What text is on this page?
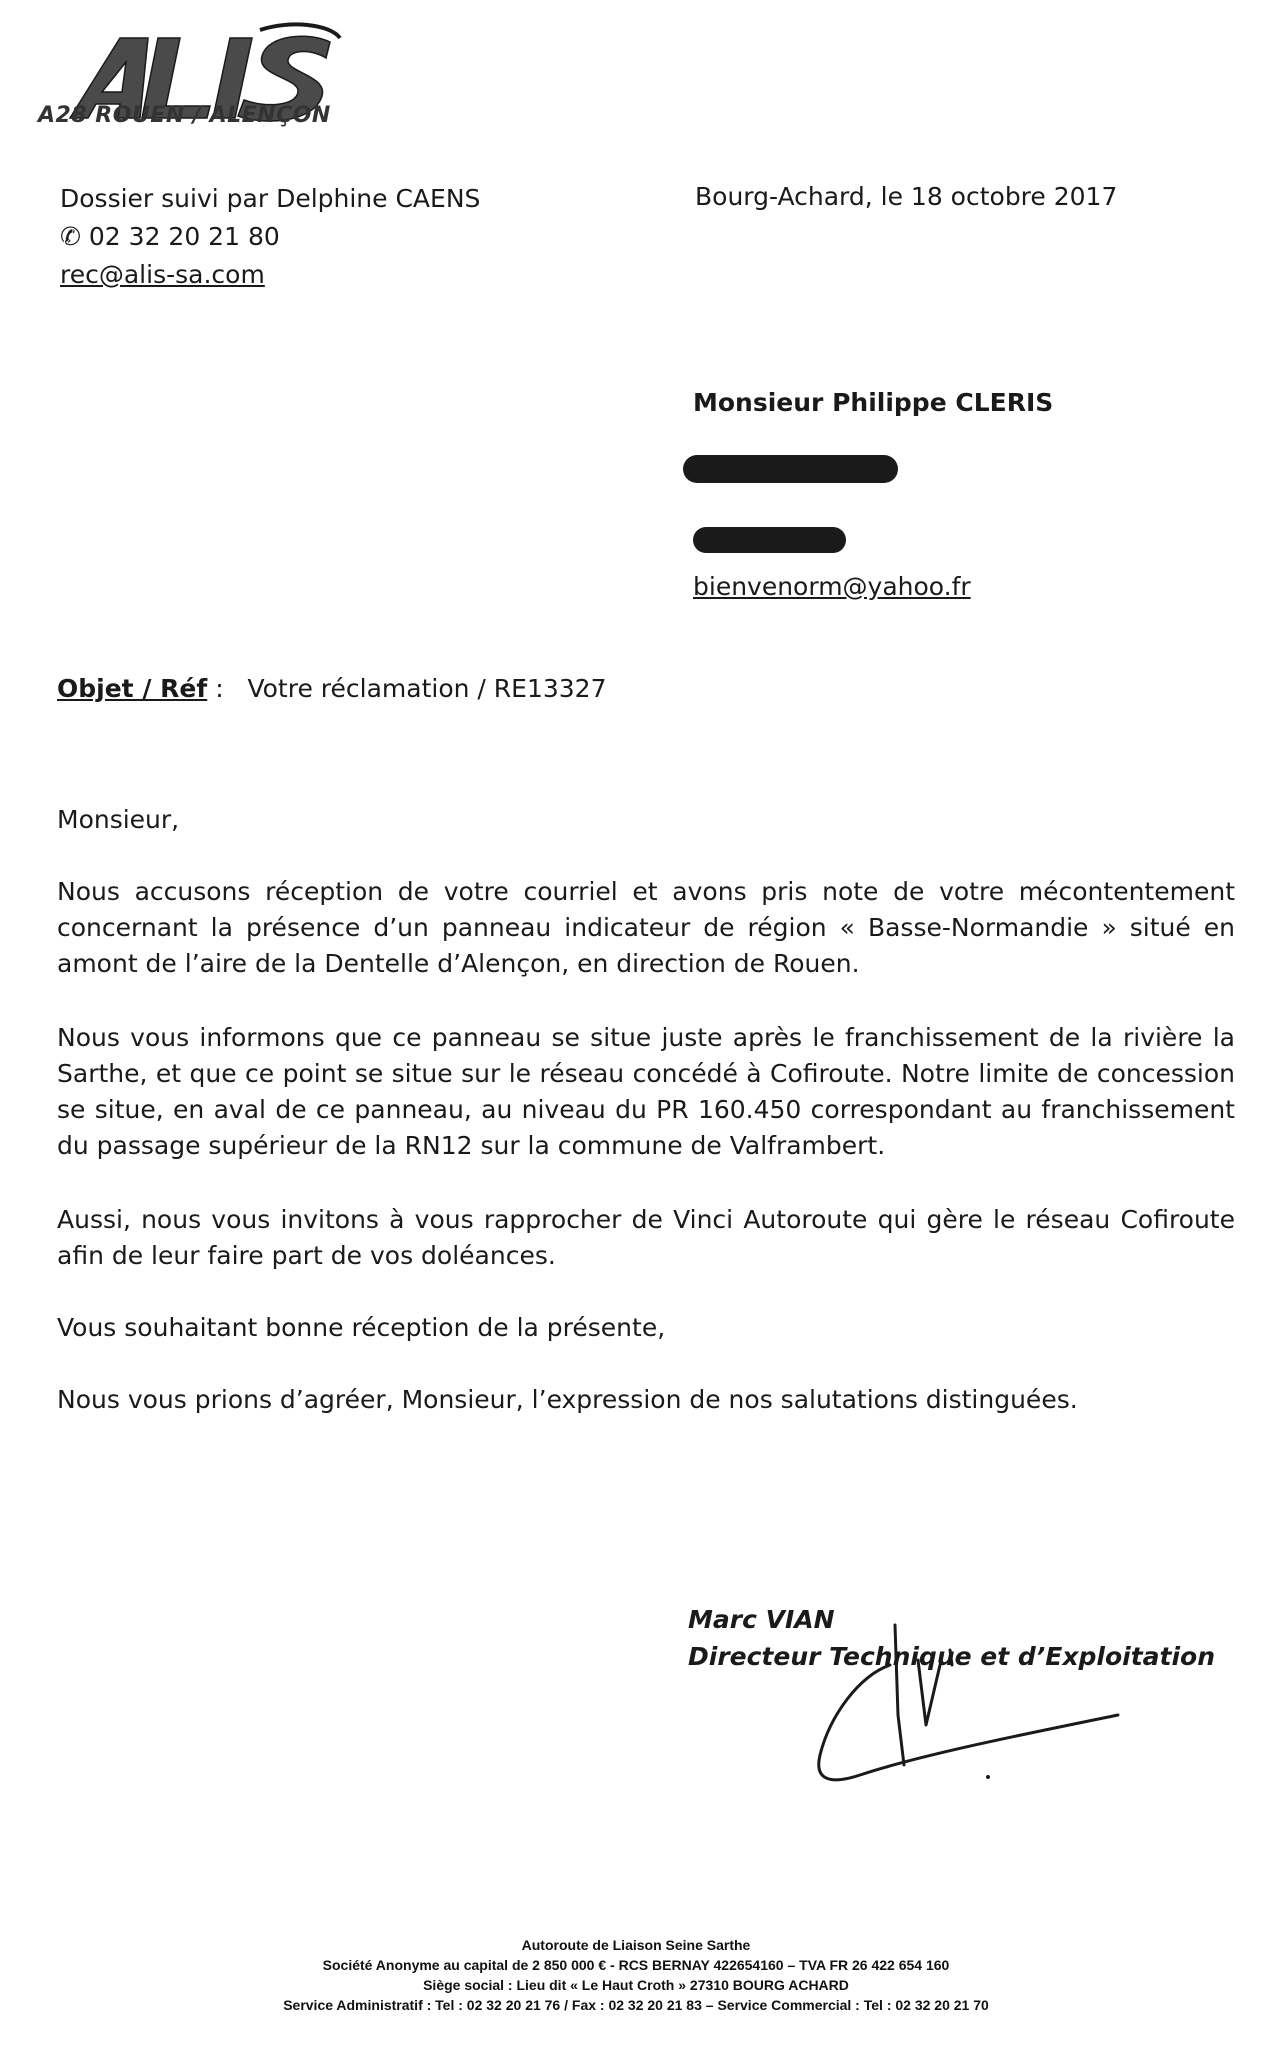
A28 ROUEN / ALENÇON
Dossier suivi par Delphine CAENS
✆ 02 32 20 21 80
rec@alis-sa.com
Bourg-Achard, le 18 octobre 2017
Monsieur Philippe CLERIS
bienvenorm@yahoo.fr
Objet / Réf :   Votre réclamation / RE13327
Monsieur,
Nous accusons réception de votre courriel et avons pris note de votre mécontentement concernant la présence d’un panneau indicateur de région « Basse-Normandie » situé en amont de l’aire de la Dentelle d’Alençon, en direction de Rouen.
Nous vous informons que ce panneau se situe juste après le franchissement de la rivière la Sarthe, et que ce point se situe sur le réseau concédé à Cofiroute. Notre limite de concession se situe, en aval de ce panneau, au niveau du PR 160.450 correspondant au franchissement du passage supérieur de la RN12 sur la commune de Valframbert.
Aussi, nous vous invitons à vous rapprocher de Vinci Autoroute qui gère le réseau Cofiroute afin de leur faire part de vos doléances.
Vous souhaitant bonne réception de la présente,
Nous vous prions d’agréer, Monsieur, l’expression de nos salutations distinguées.
Marc VIAN
Directeur Technique et d’Exploitation
Autoroute de Liaison Seine Sarthe
Société Anonyme au capital de 2 850 000 € - RCS BERNAY 422654160 – TVA FR 26 422 654 160
Siège social : Lieu dit « Le Haut Croth » 27310 BOURG ACHARD
Service Administratif : Tel : 02 32 20 21 76 / Fax : 02 32 20 21 83 – Service Commercial : Tel : 02 32 20 21 70
